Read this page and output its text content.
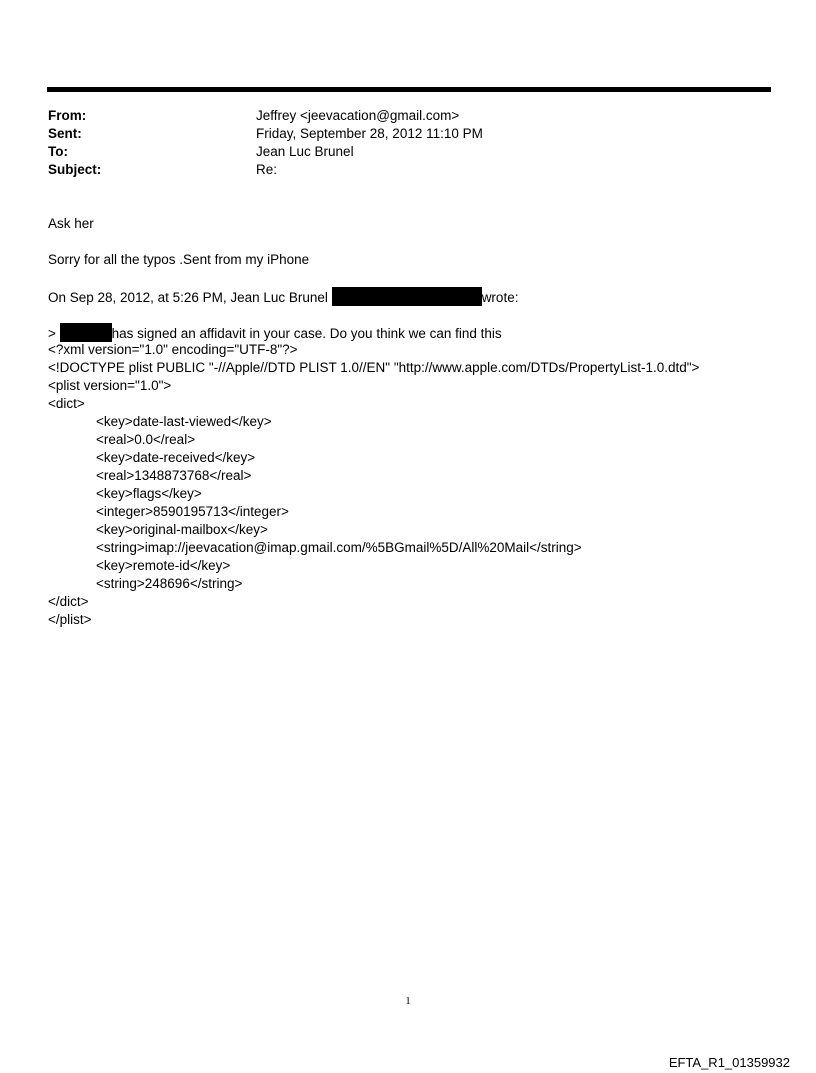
From:	Jeffrey <jeevacation@gmail.com>
Sent:	Friday, September 28, 2012 11:10 PM
To:	Jean Luc Brunel
Subject:	Re:
Ask her
Sorry for all the typos .Sent from my iPhone
On Sep 28, 2012, at 5:26 PM, Jean Luc Brunel	wrote:
>	has signed an affidavit in your case. Do you think we can find this
<?xml version="1.0" encoding="UTF-8"?>
<!DOCTYPE plist PUBLIC "-//Apple//DTD PLIST 1.0//EN" "http://www.apple.com/DTDs/PropertyList-1.0.dtd">
<plist version="1.0">
<dict>
<key>date-last-viewed</key>
<real>0.0</real>
<key>date-received</key>
<real>1348873768</real>
<key>flags</key>
<integer>8590195713</integer>
<key>original-mailbox</key>
<string>imap://jeevacation@imap.gmail.com/%5BGmail%5D/All%20Mail</string>
<key>remote-id</key>
<string>248696</string>
</dict>
</plist>
1
EFTA_R1_01359932
